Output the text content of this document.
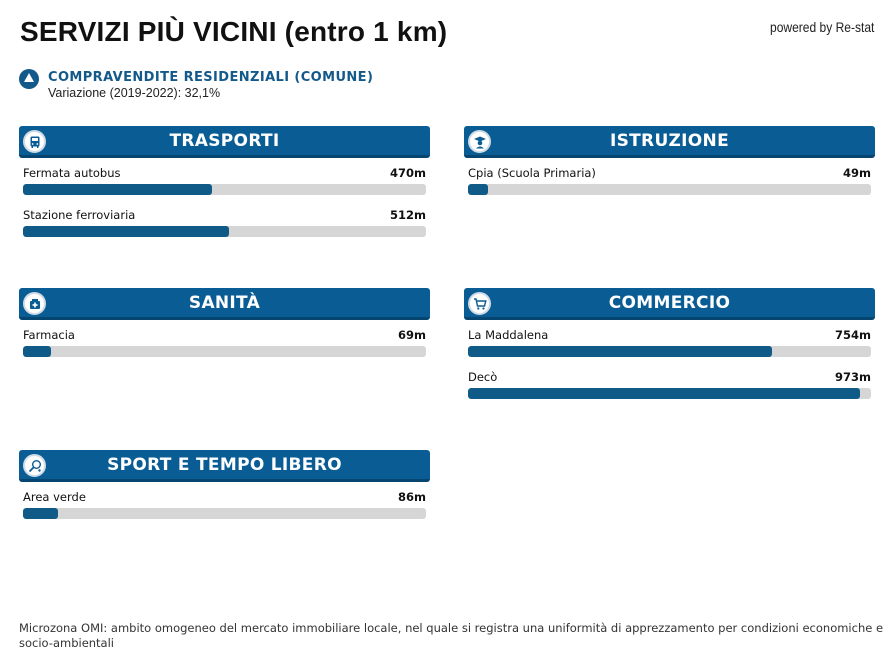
SERVIZI PIÙ VICINI (entro 1 km)	powered by Re-stat
COMPRAVENDITE RESIDENZIALI (COMUNE)
Variazione (2019-2022): 32,1%
TRASPORTI
Fermata autobus	470m
Stazione ferroviaria	512m
ISTRUZIONE
Cpia (Scuola Primaria)	49m
SANITÀ
Farmacia	69m
COMMERCIO
La Maddalena	754m
Decò	973m
SPORT E TEMPO LIBERO
Area verde	86m
Microzona OMI: ambito omogeneo del mercato immobiliare locale, nel quale si registra una uniformità di apprezzamento per condizioni economiche e socio-ambientali
